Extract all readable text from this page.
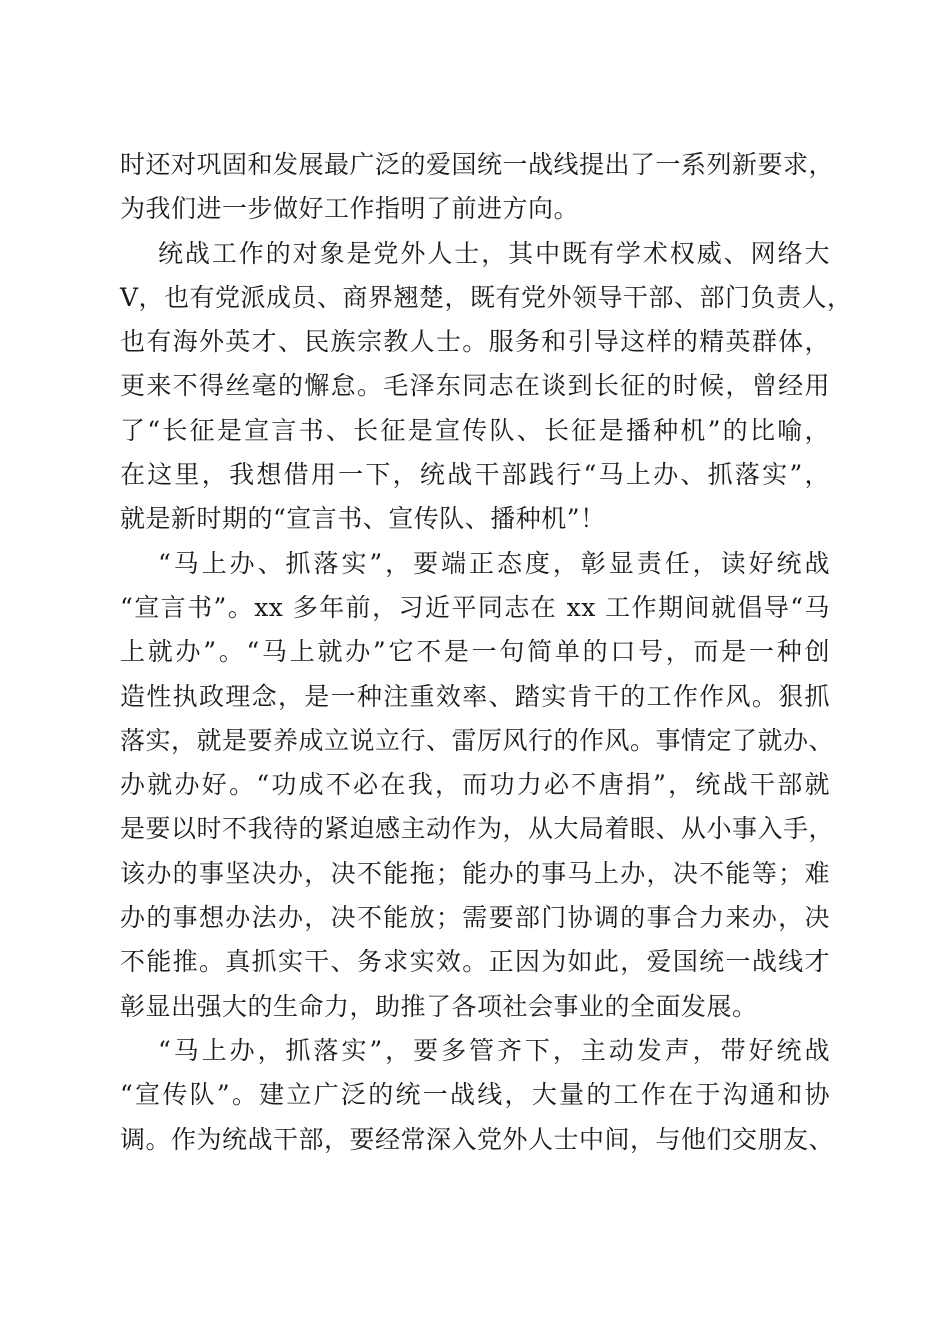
时还对巩固和发展最广泛的爱国统一战线提出了一系列新要求，
为我们进一步做好工作指明了前进方向。
统战工作的对象是党外人士，其中既有学术权威、网络大
V，也有党派成员、商界翘楚，既有党外领导干部、部门负责人，
也有海外英才、民族宗教人士。服务和引导这样的精英群体，
更来不得丝毫的懈怠。毛泽东同志在谈到长征的时候，曾经用
了“长征是宣言书、长征是宣传队、长征是播种机”的比喻，
在这里，我想借用一下，统战干部践行“马上办、抓落实”，
就是新时期的“宣言书、宣传队、播种机”！
“马上办、抓落实”，要端正态度，彰显责任，读好统战
“宣言书”。xx 多年前，习近平同志在 xx 工作期间就倡导“马
上就办”。“马上就办”它不是一句简单的口号，而是一种创
造性执政理念，是一种注重效率、踏实肯干的工作作风。狠抓
落实，就是要养成立说立行、雷厉风行的作风。事情定了就办、
办就办好。“功成不必在我，而功力必不唐捐”，统战干部就
是要以时不我待的紧迫感主动作为，从大局着眼、从小事入手，
该办的事坚决办，决不能拖；能办的事马上办，决不能等；难
办的事想办法办，决不能放；需要部门协调的事合力来办，决
不能推。真抓实干、务求实效。正因为如此，爱国统一战线才
彰显出强大的生命力，助推了各项社会事业的全面发展。
“马上办，抓落实”，要多管齐下，主动发声，带好统战
“宣传队”。建立广泛的统一战线，大量的工作在于沟通和协
调。作为统战干部，要经常深入党外人士中间，与他们交朋友、
